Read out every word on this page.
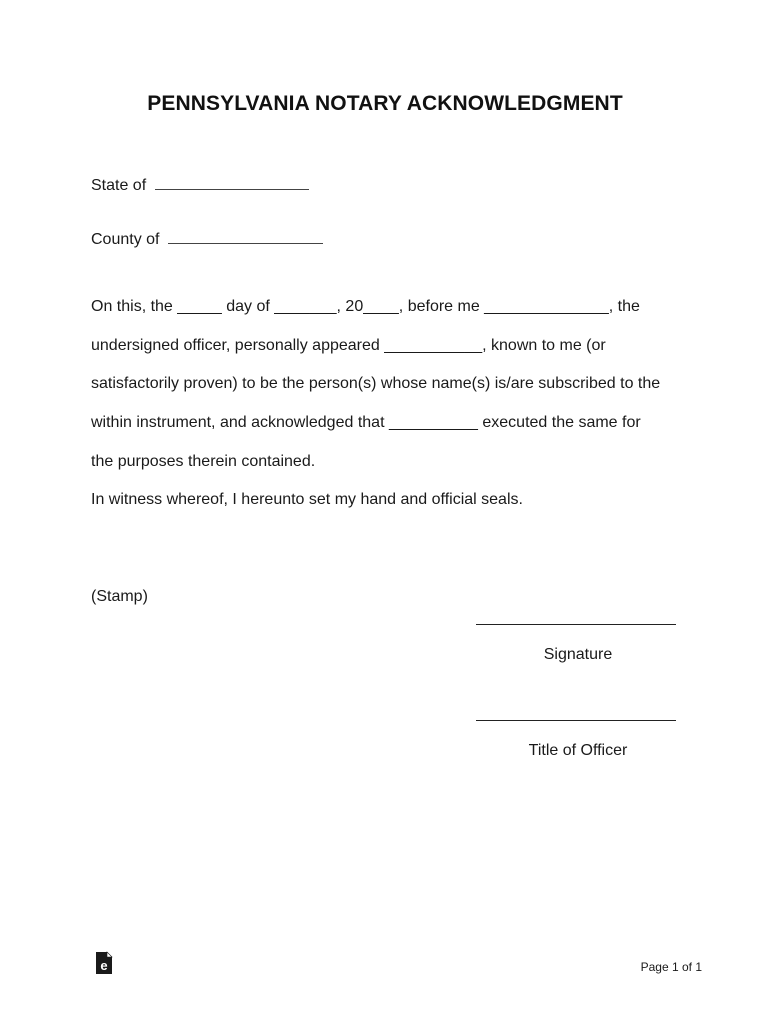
PENNSYLVANIA NOTARY ACKNOWLEDGMENT
State of
County of
On this, the _____ day of _______, 20____, before me ______________, the
undersigned officer, personally appeared ___________, known to me (or
satisfactorily proven) to be the person(s) whose name(s) is/are subscribed to the
within instrument, and acknowledged that __________ executed the same for
the purposes therein contained.
In witness whereof, I hereunto set my hand and official seals.
(Stamp)
Signature
Title of Officer
e	Page 1 of 1
